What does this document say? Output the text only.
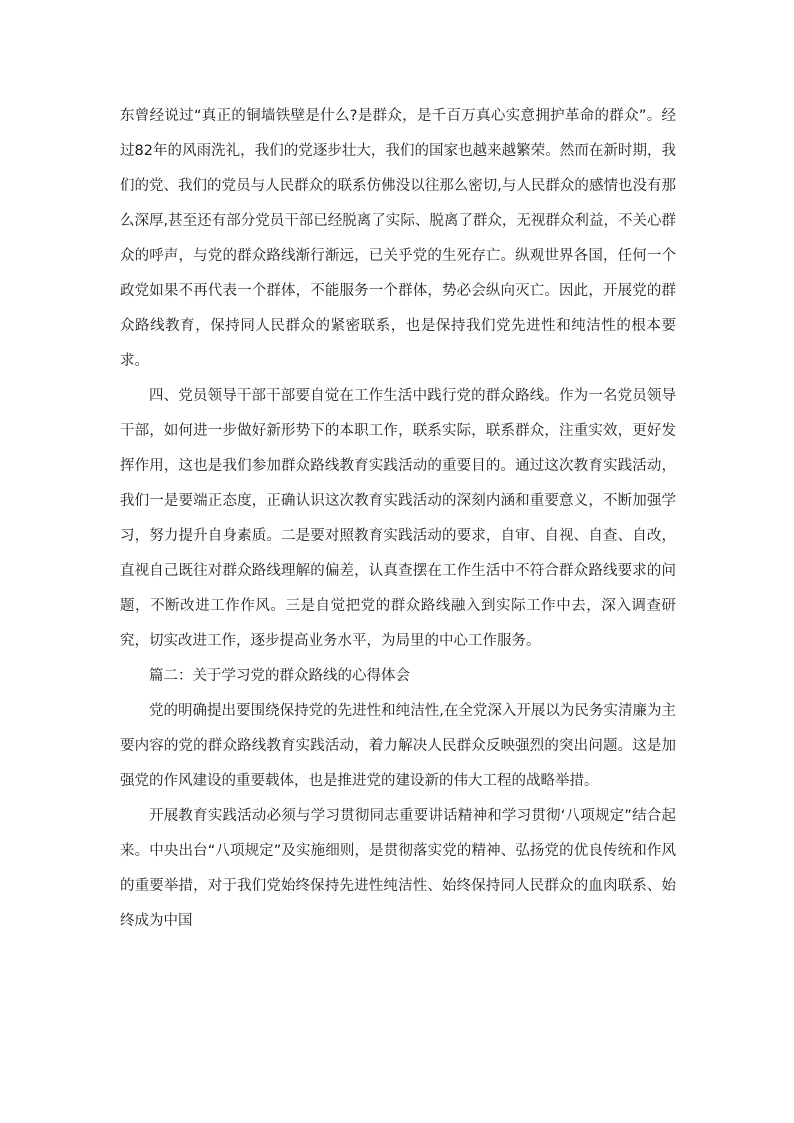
东曾经说过“真正的铜墙铁壁是什么?是群众，是千百万真心实意拥护革命的群众”。经过82年的风雨洗礼，我们的党逐步壮大，我们的国家也越来越繁荣。然而在新时期，我们的党、我们的党员与人民群众的联系仿佛没以往那么密切,与人民群众的感情也没有那么深厚,甚至还有部分党员干部已经脱离了实际、脱离了群众，无视群众利益，不关心群众的呼声，与党的群众路线渐行渐远，已关乎党的生死存亡。纵观世界各国，任何一个政党如果不再代表一个群体，不能服务一个群体，势必会纵向灭亡。因此，开展党的群众路线教育，保持同人民群众的紧密联系，也是保持我们党先进性和纯洁性的根本要求。

四、党员领导干部干部要自觉在工作生活中践行党的群众路线。作为一名党员领导干部，如何进一步做好新形势下的本职工作，联系实际，联系群众，注重实效，更好发挥作用，这也是我们参加群众路线教育实践活动的重要目的。通过这次教育实践活动，我们一是要端正态度，正确认识这次教育实践活动的深刻内涵和重要意义，不断加强学习，努力提升自身素质。二是要对照教育实践活动的要求，自审、自视、自查、自改，直视自己既往对群众路线理解的偏差，认真查摆在工作生活中不符合群众路线要求的问题，不断改进工作作风。三是自觉把党的群众路线融入到实际工作中去，深入调查研究，切实改进工作，逐步提高业务水平，为局里的中心工作服务。

篇二：关于学习党的群众路线的心得体会

党的明确提出要围绕保持党的先进性和纯洁性,在全党深入开展以为民务实清廉为主要内容的党的群众路线教育实践活动，着力解决人民群众反映强烈的突出问题。这是加强党的作风建设的重要载体，也是推进党的建设新的伟大工程的战略举措。

开展教育实践活动必须与学习贯彻同志重要讲话精神和学习贯彻‘八项规定”结合起来。中央出台“八项规定”及实施细则，是贯彻落实党的精神、弘扬党的优良传统和作风的重要举措，对于我们党始终保持先进性纯洁性、始终保持同人民群众的血肉联系、始终成为中国
